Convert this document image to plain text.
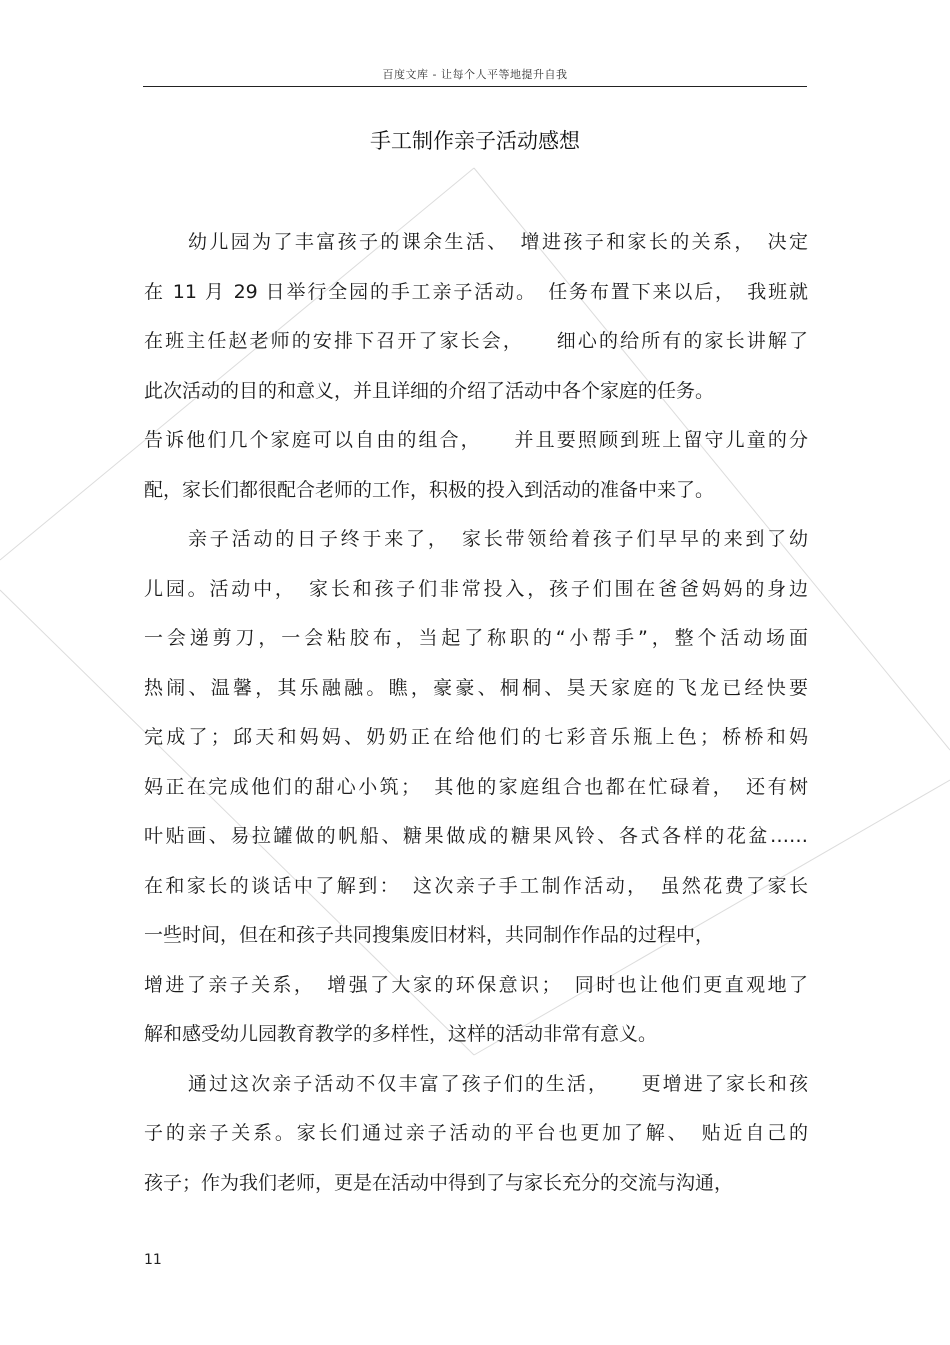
百度文库 - 让每个人平等地提升自我
手工制作亲子活动感想
幼儿园为了丰富孩子的课余生活、　增进孩子和家长的关系，　决定
在 11 月 29 日举行全园的手工亲子活动。　任务布置下来以后，　我班就
在班主任赵老师的安排下召开了家长会，　　细心的给所有的家长讲解了
此次活动的目的和意义，并且详细的介绍了活动中各个家庭的任务。
告诉他们几个家庭可以自由的组合，　　并且要照顾到班上留守儿童的分
配，家长们都很配合老师的工作，积极的投入到活动的准备中来了。
亲子活动的日子终于来了，　家长带领给着孩子们早早的来到了幼
儿园。活动中，　家长和孩子们非常投入，孩子们围在爸爸妈妈的身边
一会递剪刀，一会粘胶布，当起了称职的“小帮手”，整个活动场面
热闹、温馨，其乐融融。瞧，豪豪、桐桐、昊天家庭的飞龙已经快要
完成了；邱天和妈妈、奶奶正在给他们的七彩音乐瓶上色；桥桥和妈
妈正在完成他们的甜心小筑；　其他的家庭组合也都在忙碌着，　还有树
叶贴画、易拉罐做的帆船、糖果做成的糖果风铃、各式各样的花盆……
在和家长的谈话中了解到：　这次亲子手工制作活动，　虽然花费了家长
一些时间，但在和孩子共同搜集废旧材料，共同制作作品的过程中，
增进了亲子关系，　增强了大家的环保意识；　同时也让他们更直观地了
解和感受幼儿园教育教学的多样性，这样的活动非常有意义。
通过这次亲子活动不仅丰富了孩子们的生活，　　更增进了家长和孩
子的亲子关系。家长们通过亲子活动的平台也更加了解、　贴近自己的
孩子；作为我们老师，更是在活动中得到了与家长充分的交流与沟通，
11
